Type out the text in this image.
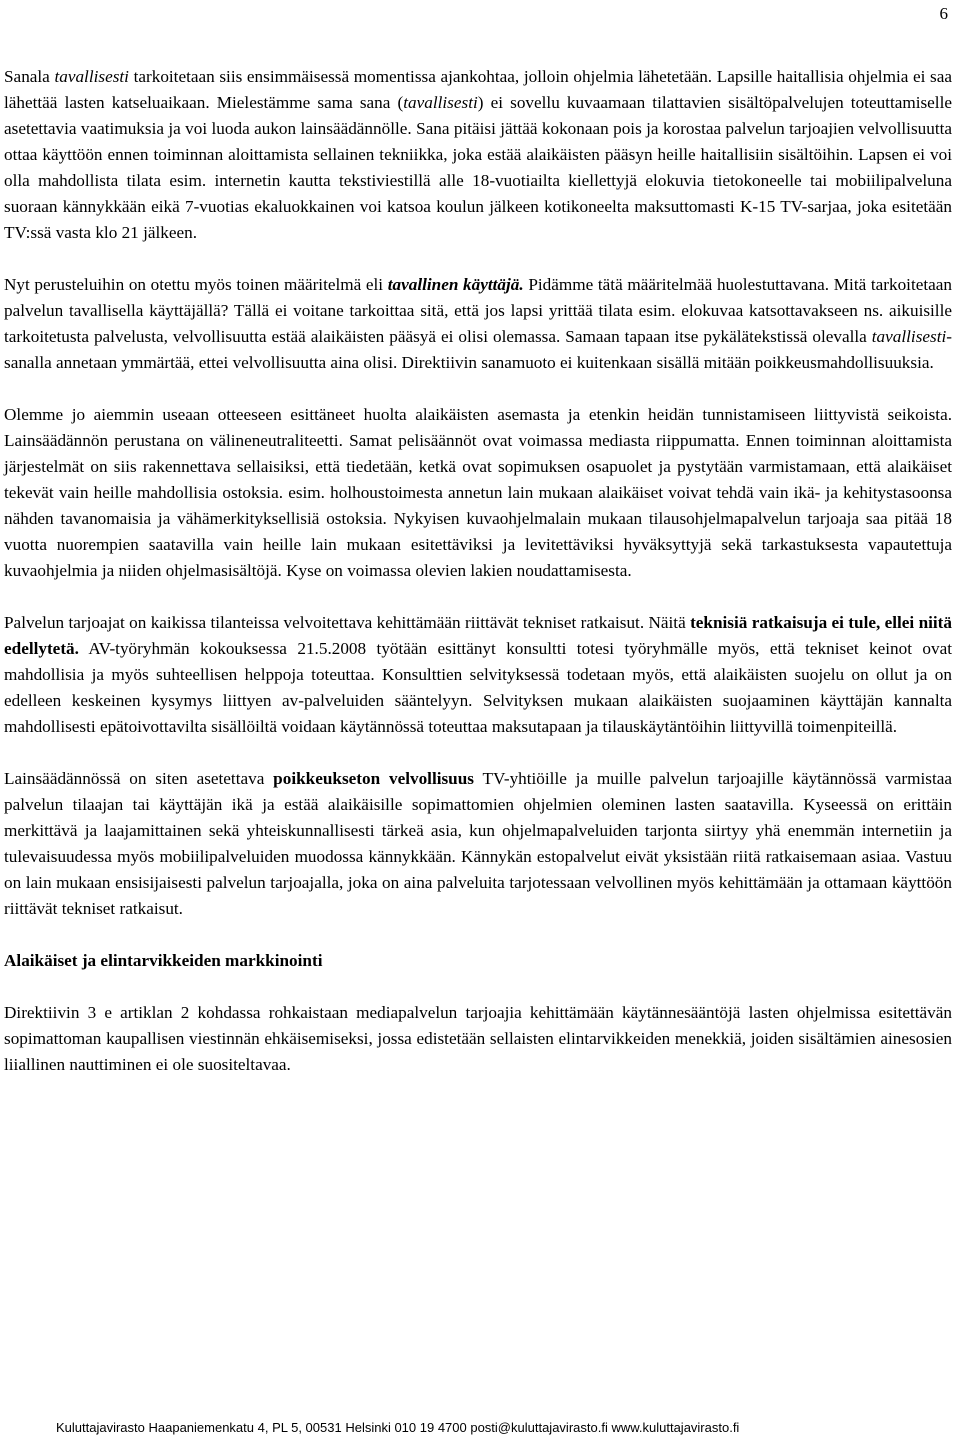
6

Sanala tavallisesti tarkoitetaan siis ensimmäisessä momentissa ajankohtaa, jolloin ohjelmia lähetetään. Lapsille haitallisia ohjelmia ei saa lähettää lasten katseluaikaan. Mielestämme sama sana (tavallisesti) ei sovellu kuvaamaan tilattavien sisältöpalvelujen toteuttamiselle asetettavia vaatimuksia ja voi luoda aukon lainsäädännölle. Sana pitäisi jättää kokonaan pois ja korostaa palvelun tarjoajien velvollisuutta ottaa käyttöön ennen toiminnan aloittamista sellainen tekniikka, joka estää alaikäisten pääsyn heille haitallisiin sisältöihin. Lapsen ei voi olla mahdollista tilata esim. internetin kautta tekstiviestillä alle 18-vuotiailta kiellettyjä elokuvia tietokoneelle tai mobiilipalveluna suoraan kännykkään eikä 7-vuotias ekaluokkainen voi katsoa koulun jälkeen kotikoneelta maksuttomasti K-15 TV-sarjaa, joka esitetään TV:ssä vasta klo 21 jälkeen.

Nyt perusteluihin on otettu myös toinen määritelmä eli tavallinen käyttäjä. Pidämme tätä määritelmää huolestuttavana. Mitä tarkoitetaan palvelun tavallisella käyttäjällä? Tällä ei voitane tarkoittaa sitä, että jos lapsi yrittää tilata esim. elokuvaa katsottavakseen ns. aikuisille tarkoitetusta palvelusta, velvollisuutta estää alaikäisten pääsyä ei olisi olemassa. Samaan tapaan itse pykälätekstissä olevalla tavallisesti-sanalla annetaan ymmärtää, ettei velvollisuutta aina olisi. Direktiivin sanamuoto ei kuitenkaan sisällä mitään poikkeusmahdollisuuksia.

Olemme jo aiemmin useaan otteeseen esittäneet huolta alaikäisten asemasta ja etenkin heidän tunnistamiseen liittyvistä seikoista. Lainsäädännön perustana on välineneutraliteetti. Samat pelisäännöt ovat voimassa mediasta riippumatta. Ennen toiminnan aloittamista järjestelmät on siis rakennettava sellaisiksi, että tiedetään, ketkä ovat sopimuksen osapuolet ja pystytään varmistamaan, että alaikäiset tekevät vain heille mahdollisia ostoksia. esim. holhoustoimesta annetun lain mukaan alaikäiset voivat tehdä vain ikä- ja kehitystasoonsa nähden tavanomaisia ja vähämerkityksellisiä ostoksia. Nykyisen kuvaohjelmalain mukaan tilausohjelmapalvelun tarjoaja saa pitää 18 vuotta nuorempien saatavilla vain heille lain mukaan esitettäviksi ja levitettäviksi hyväksyttyjä sekä tarkastuksesta vapautettuja kuvaohjelmia ja niiden ohjelmasisältöjä. Kyse on voimassa olevien lakien noudattamisesta.

Palvelun tarjoajat on kaikissa tilanteissa velvoitettava kehittämään riittävät tekniset ratkaisut. Näitä teknisiä ratkaisuja ei tule, ellei niitä edellytetä. AV-työryhmän kokouksessa 21.5.2008 työtään esittänyt konsultti totesi työryhmälle myös, että tekniset keinot ovat mahdollisia ja myös suhteellisen helppoja toteuttaa. Konsulttien selvityksessä todetaan myös, että alaikäisten suojelu on ollut ja on edelleen keskeinen kysymys liittyen av-palveluiden sääntelyyn. Selvityksen mukaan alaikäisten suojaaminen käyttäjän kannalta mahdollisesti epätoivottavilta sisällöiltä voidaan käytännössä toteuttaa maksutapaan ja tilauskäytäntöihin liittyvillä toimenpiteillä.

Lainsäädännössä on siten asetettava poikkeukseton velvollisuus TV-yhtiöille ja muille palvelun tarjoajille käytännössä varmistaa palvelun tilaajan tai käyttäjän ikä ja estää alaikäisille sopimattomien ohjelmien oleminen lasten saatavilla. Kyseessä on erittäin merkittävä ja laajamittainen sekä yhteiskunnallisesti tärkeä asia, kun ohjelmapalveluiden tarjonta siirtyy yhä enemmän internetiin ja tulevaisuudessa myös mobiilipalveluiden muodossa kännykkään. Kännykän estopalvelut eivät yksistään riitä ratkaisemaan asiaa. Vastuu on lain mukaan ensisijaisesti palvelun tarjoajalla, joka on aina palveluita tarjotessaan velvollinen myös kehittämään ja ottamaan käyttöön riittävät tekniset ratkaisut.

Alaikäiset ja elintarvikkeiden markkinointi

Direktiivin 3 e artiklan 2 kohdassa rohkaistaan mediapalvelun tarjoajia kehittämään käytännesääntöjä lasten ohjelmissa esitettävän sopimattoman kaupallisen viestinnän ehkäisemiseksi, jossa edistetään sellaisten elintarvikkeiden menekkiä, joiden sisältämien ainesosien liiallinen nauttiminen ei ole suositeltavaa.

Kuluttajavirasto Haapaniemenkatu 4, PL 5, 00531 Helsinki 010 19 4700 posti@kuluttajavirasto.fi www.kuluttajavirasto.fi
